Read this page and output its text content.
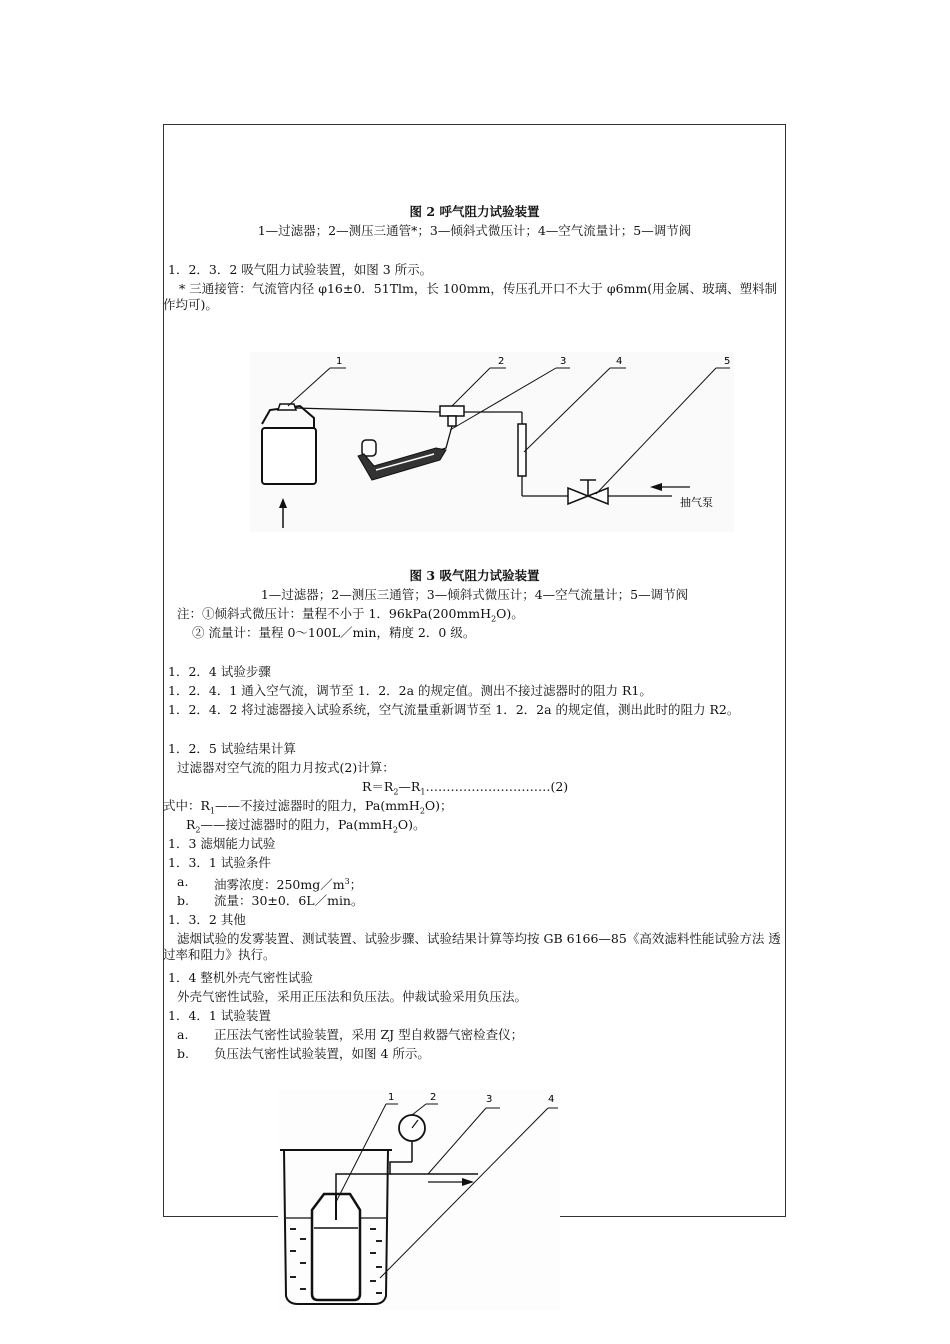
图 2 呼气阻力试验装置
1—过滤器；2—测压三通管*；3—倾斜式微压计；4—空气流量计；5—调节阀
1．2．3．2 吸气阻力试验装置，如图 3 所示。
* 三通接管：气流管内径 φ16±0．51Tlm，长 100mm，传压孔开口不大于 φ6mm(用金属、玻璃、塑料制作均可)。
1	2	3	4	5
抽气泵
图 3 吸气阻力试验装置
1—过滤器；2—测压三通管；3—倾斜式微压计；4—空气流量计；5—调节阀
注：①倾斜式微压计：量程不小于 1．96kPa(200mmH$_2$O)。
② 流量计：量程 0～100L／min，精度 2．0 级。
1．2．4 试验步骤
1．2．4．1 通入空气流，调节至 1．2．2a 的规定值。测出不接过滤器时的阻力 R1。
1．2．4．2 将过滤器接入试验系统，空气流量重新调节至 1．2．2a 的规定值，测出此时的阻力 R2。
1．2．5 试验结果计算
过滤器对空气流的阻力月按式(2)计算：
$R=R_2—R_1\dots\dots\dots\dots\dots\dots\dots\dots\dots\dots(2)$
式中：$R_1——$不接过滤器时的阻力，Pa(mmH$_2$O)；
$R_2——$接过滤器时的阻力，Pa(mmH$_2$O)。
1．3 滤烟能力试验
1．3．1 试验条件
a. 油雾浓度：$250mg/m^3$；
b. 流量：30±0．6L／min。
1．3．2 其他
滤烟试验的发雾装置、测试装置、试验步骤、试验结果计算等均按 GB 6166—85《高效滤料性能试验方法 透过率和阻力》执行。
1．4 整机外壳气密性试验
外壳气密性试验，采用正压法和负压法。仲裁试验采用负压法。
1．4．1 试验装置
a. 正压法气密性试验装置，采用 ZJ 型自救器气密检查仪；
b. 负压法气密性试验装置，如图 4 所示。
1	2	3	4
